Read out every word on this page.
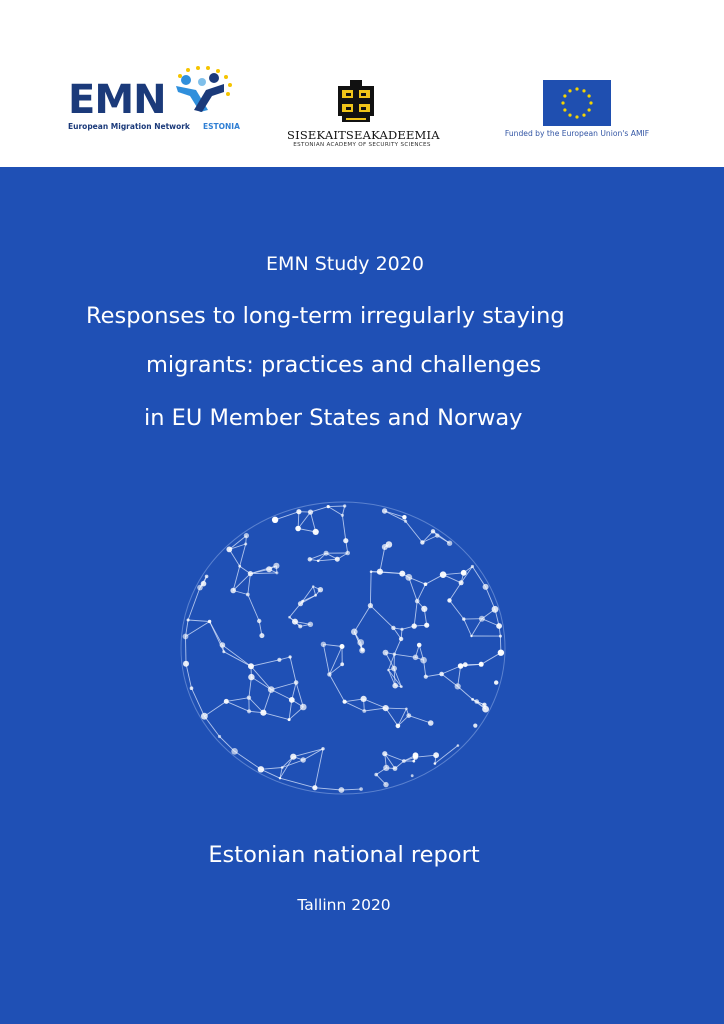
EMN
European Migration Network ESTONIA
SISEKAITSEAKADEEMIA
ESTONIAN ACADEMY OF SECURITY SCIENCES
Funded by the European Union's AMIF
EMN Study 2020
Responses to long-term irregularly staying
migrants: practices and challenges
in EU Member States and Norway
Estonian national report
Tallinn 2020
